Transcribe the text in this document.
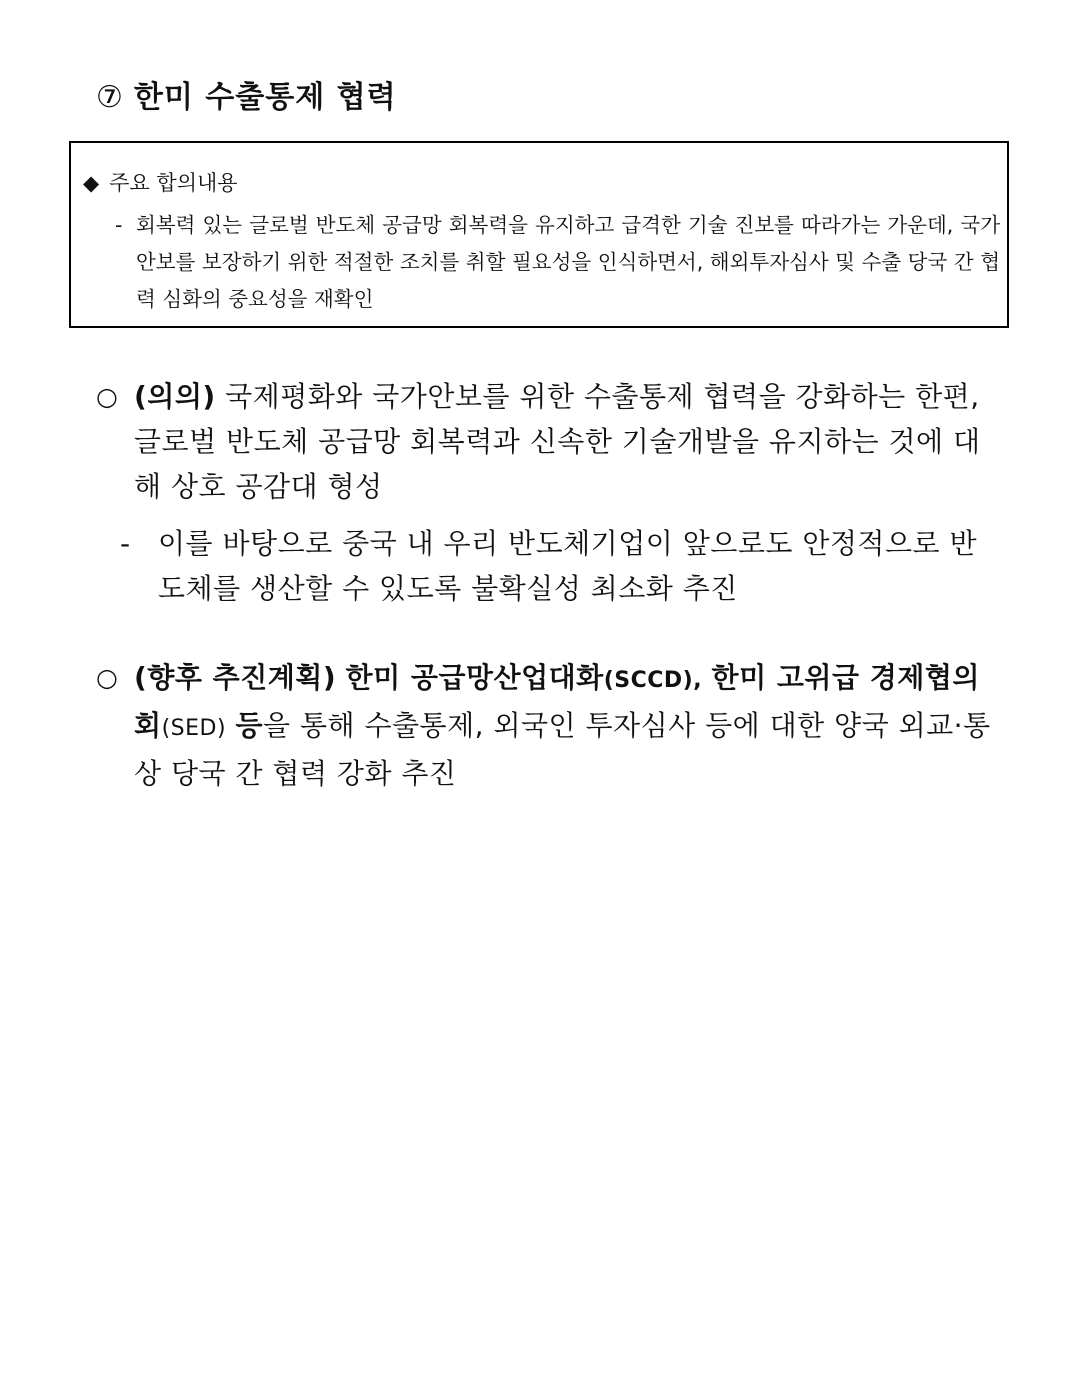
⑦ 한미 수출통제 협력
◆ 주요 합의내용
- 회복력 있는 글로벌 반도체 공급망 회복력을 유지하고 급격한 기술 진보를 따라가는 가운데, 국가안보를 보장하기 위한 적절한 조치를 취할 필요성을 인식하면서, 해외투자심사 및 수출 당국 간 협력 심화의 중요성을 재확인
○ (의의) 국제평화와 국가안보를 위한 수출통제 협력을 강화하는 한편, 글로벌 반도체 공급망 회복력과 신속한 기술개발을 유지하는 것에 대해 상호 공감대 형성
- 이를 바탕으로 중국 내 우리 반도체기업이 앞으로도 안정적으로 반도체를 생산할 수 있도록 불확실성 최소화 추진
○ (향후 추진계획) 한미 공급망산업대화(SCCD), 한미 고위급 경제협의회(SED) 등을 통해 수출통제, 외국인 투자심사 등에 대한 양국 외교·통상 당국 간 협력 강화 추진
